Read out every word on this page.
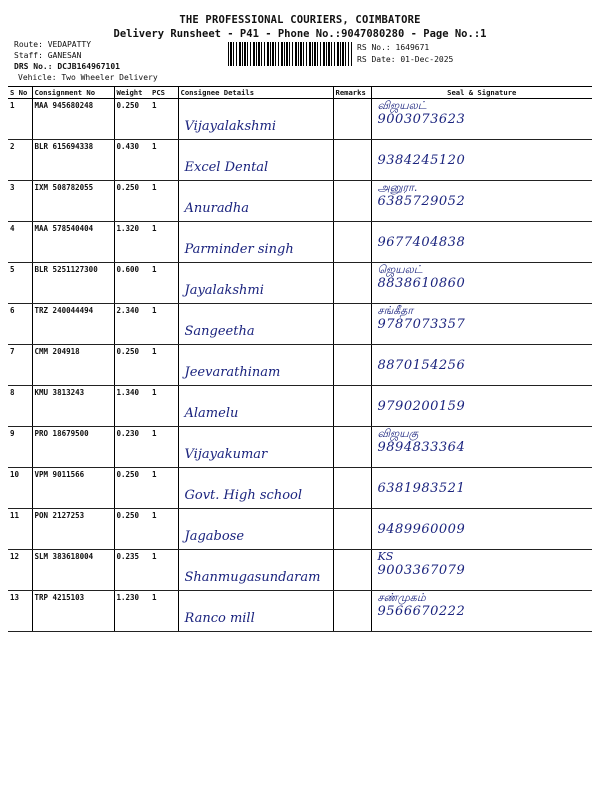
THE PROFESSIONAL COURIERS, COIMBATORE
Delivery Runsheet - P41 - Phone No.:9047080280 - Page No.:1
Route: VEDAPATTY
Staff: GANESAN
DRS No.: DCJB164967101
Vehicle: Two Wheeler Delivery
RS No.: 1649671
RS Date: 01-Dec-2025
S No	Consignment No	Weight	PCS	Consignee Details	Remarks	Seal & Signature
1	MAA 945680248	0.250	1	Vijayalakshmi		விஜயலட்
9003073623

2	BLR 615694338	0.430	1	Excel Dental		9384245120

3	IXM 508782055	0.250	1	Anuradha		அனுரா.
6385729052

4	MAA 578540404	1.320	1	Parminder singh		9677404838

5	BLR 5251127300	0.600	1	Jayalakshmi		ஜெயலட்
8838610860

6	TRZ 240044494	2.340	1	Sangeetha		சங்கீதா
9787073357

7	CMM 204918	0.250	1	Jeevarathinam		8870154256

8	KMU 3813243	1.340	1	Alamelu		9790200159

9	PRO 18679500	0.230	1	Vijayakumar		விஜயகு
9894833364

10	VPM 9011566	0.250	1	Govt. High school		6381983521

11	PON 2127253	0.250	1	Jagabose		9489960009

12	SLM 383618004	0.235	1	Shanmugasundaram		KS
9003367079

13	TRP 4215103	1.230	1	Ranco mill		சண்முகம்
9566670222
